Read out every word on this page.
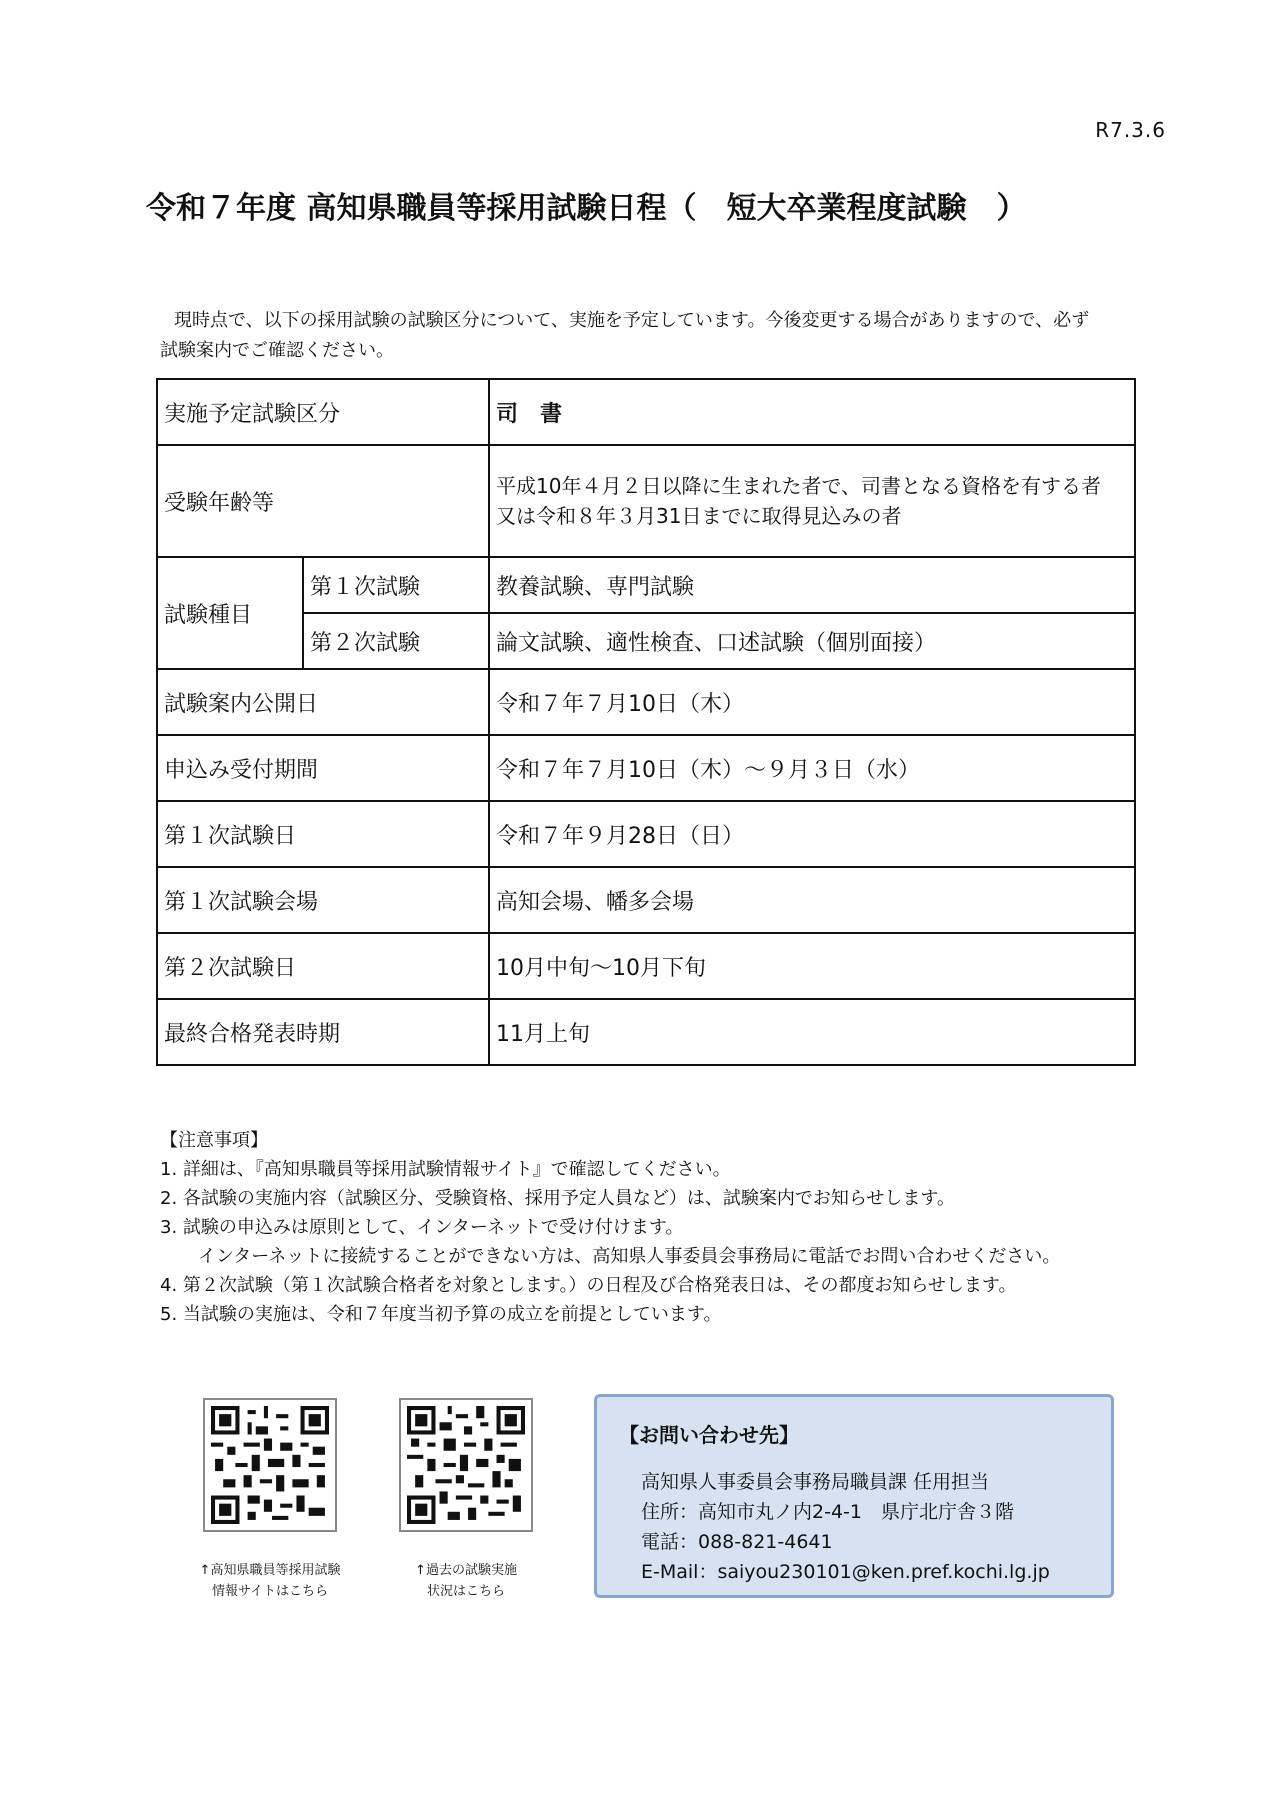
R7.3.6
令和７年度 高知県職員等採用試験日程（　短大卒業程度試験　）
現時点で、以下の採用試験の試験区分について、実施を予定しています。今後変更する場合がありますので、必ず
試験案内でご確認ください。
実施予定試験区分		司　書
受験年齢等		平成10年４月２日以降に生まれた者で、司書となる資格を有する者
又は令和８年３月31日までに取得見込みの者

試験種目	第１次試験	教養試験、専門試験
	第２次試験	論文試験、適性検査、口述試験（個別面接）
試験案内公開日		令和７年７月10日（木）
申込み受付期間		令和７年７月10日（木）～９月３日（水）
第１次試験日		令和７年９月28日（日）
第１次試験会場		高知会場、幡多会場
第２次試験日		10月中旬～10月下旬
最終合格発表時期		11月上旬
【注意事項】
1. 詳細は、『高知県職員等採用試験情報サイト』で確認してください。
2. 各試験の実施内容（試験区分、受験資格、採用予定人員など）は、試験案内でお知らせします。
3. 試験の申込みは原則として、インターネットで受け付けます。
インターネットに接続することができない方は、高知県人事委員会事務局に電話でお問い合わせください。
4. 第２次試験（第１次試験合格者を対象とします。）の日程及び合格発表日は、その都度お知らせします。
5. 当試験の実施は、令和７年度当初予算の成立を前提としています。
↑高知県職員等採用試験
情報サイトはこちら
↑過去の試験実施
状況はこちら
【お問い合わせ先】
高知県人事委員会事務局職員課 任用担当
住所：高知市丸ノ内2-4-1　県庁北庁舎３階
電話：088-821-4641
E-Mail：saiyou230101@ken.pref.kochi.lg.jp
